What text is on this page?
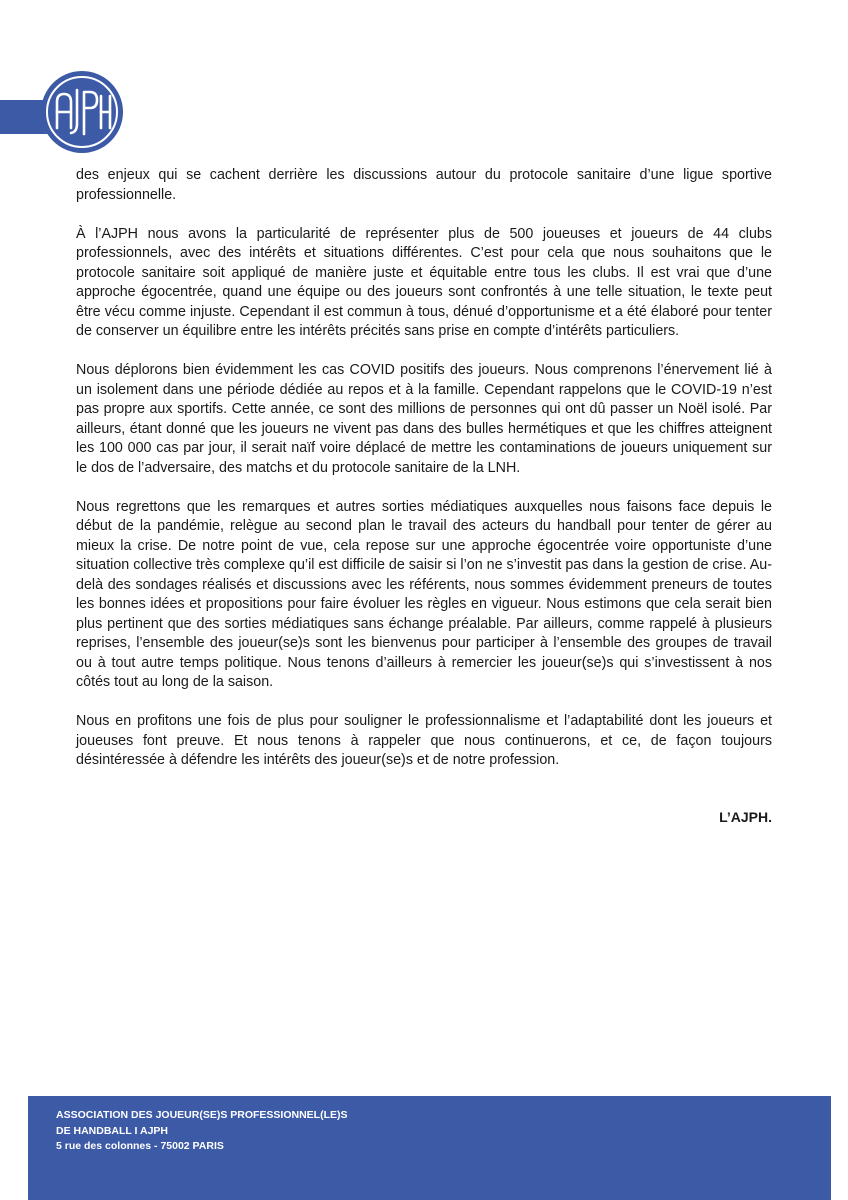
des enjeux qui se cachent derrière les discussions autour du protocole sanitaire d’une ligue sportive professionnelle.

À l’AJPH nous avons la particularité de représenter plus de 500 joueuses et joueurs de 44 clubs professionnels, avec des intérêts et situations différentes. C’est pour cela que nous souhaitons que le protocole sanitaire soit appliqué de manière juste et équitable entre tous les clubs. Il est vrai que d’une approche égocentrée, quand une équipe ou des joueurs sont confrontés à une telle situation, le texte peut être vécu comme injuste. Cependant il est commun à tous, dénué d’opportunisme et a été élaboré pour tenter de conserver un équilibre entre les intérêts précités sans prise en compte d’intérêts particuliers.

Nous déplorons bien évidemment les cas COVID positifs des joueurs. Nous comprenons l’énervement lié à un isolement dans une période dédiée au repos et à la famille. Cependant rappelons que le COVID-19 n’est pas propre aux sportifs. Cette année, ce sont des millions de personnes qui ont dû passer un Noël isolé. Par ailleurs, étant donné que les joueurs ne vivent pas dans des bulles hermétiques et que les chiffres atteignent les 100 000 cas par jour, il serait naïf voire déplacé de mettre les contaminations de joueurs uniquement sur le dos de l’adversaire, des matchs et du protocole sanitaire de la LNH.

Nous regrettons que les remarques et autres sorties médiatiques auxquelles nous faisons face depuis le début de la pandémie, relègue au second plan le travail des acteurs du handball pour tenter de gérer au mieux la crise. De notre point de vue, cela repose sur une approche égocentrée voire opportuniste d’une situation collective très complexe qu’il est difficile de saisir si l’on ne s’investit pas dans la gestion de crise. Au-delà des sondages réalisés et discussions avec les référents, nous sommes évidemment preneurs de toutes les bonnes idées et propositions pour faire évoluer les règles en vigueur. Nous estimons que cela serait bien plus pertinent que des sorties médiatiques sans échange préalable. Par ailleurs, comme rappelé à plusieurs reprises, l’ensemble des joueur(se)s sont les bienvenus pour participer à l’ensemble des groupes de travail ou à tout autre temps politique. Nous tenons d’ailleurs à remercier les joueur(se)s qui s’investissent à nos côtés tout au long de la saison.

Nous en profitons une fois de plus pour souligner le professionnalisme et l’adaptabilité dont les joueurs et joueuses font preuve. Et nous tenons à rappeler que nous continuerons, et ce, de façon toujours désintéressée à défendre les intérêts des joueur(se)s et de notre profession.

L’AJPH.
ASSOCIATION DES JOUEUR(SE)S PROFESSIONNEL(LE)S
DE HANDBALL I AJPH
5 rue des colonnes - 75002 PARIS
